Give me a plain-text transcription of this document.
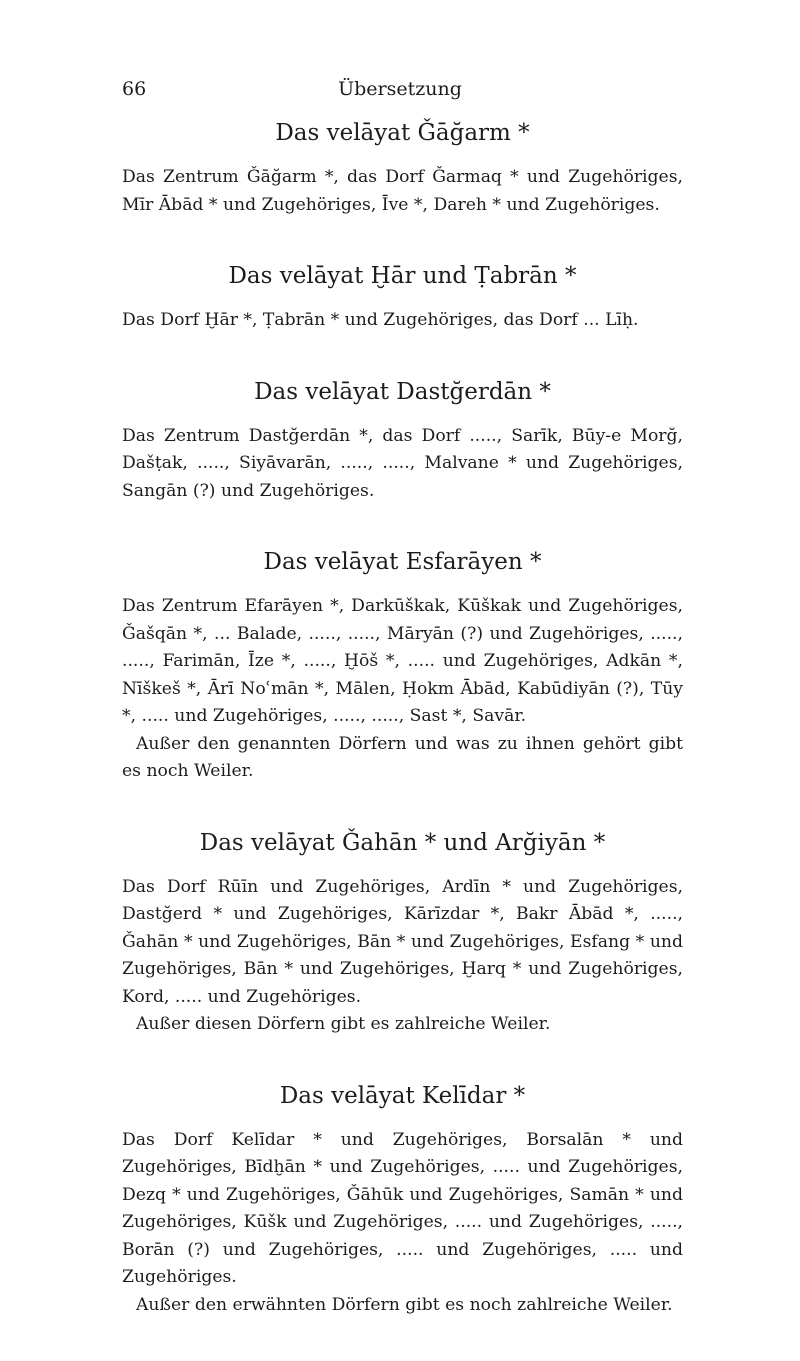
66	Übersetzung
Das velāyat Ǧāğarm *

Das Zentrum Ǧāğarm *, das Dorf Ǧarmaq * und Zugehöriges, Mīr Ābād * und Zugehöriges, Īve *, Dareh * und Zugehöriges.

Das velāyat Ḫār und Ṭabrān *

Das Dorf Ḫār *, Ṭabrān * und Zugehöriges, das Dorf ... Līḥ.

Das velāyat Dastğerdān *

Das Zentrum Dastğerdān *, das Dorf ....., Sarīk, Būy-e Morğ, Dašṭak, ....., Siyāvarān, ....., ....., Malvane * und Zugehöriges, Sangān (?) und Zugehöriges.

Das velāyat Esfarāyen *

Das Zentrum Efarāyen *, Darkūškak, Kūškak und Zugehöriges, Ǧašqān *, ... Balade, ....., ....., Māryān (?) und Zugehöriges, ....., ....., Farimān, Īze *, ....., Ḫōš *, ..... und Zugehöriges, Adkān *, Nīškeš *, Ārī Noʿmān *, Mālen, Ḥokm Ābād, Kabūdiyān (?), Tūy *, ..... und Zugehöriges, ....., ....., Sast *, Savār.

Außer den genannten Dörfern und was zu ihnen gehört gibt es noch Weiler.

Das velāyat Ǧahān * und Arğiyān *

Das Dorf Rūīn und Zugehöriges, Ardīn * und Zugehöriges, Dastğerd * und Zugehöriges, Kārīzdar *, Bakr Ābād *, ....., Ǧahān * und Zugehöriges, Bān * und Zugehöriges, Esfang * und Zugehöriges, Bān * und Zugehöriges, Ḫarq * und Zugehöriges, Kord, ..... und Zugehöriges.

Außer diesen Dörfern gibt es zahlreiche Weiler.

Das velāyat Kelīdar *

Das Dorf Kelīdar * und Zugehöriges, Borsalān * und Zugehöriges, Bīdḫān * und Zugehöriges, ..... und Zugehöriges, Dezq * und Zugehöriges, Ǧāhūk und Zugehöriges, Samān * und Zugehöriges, Kūšk und Zugehöriges, ..... und Zugehöriges, ....., Borān (?) und Zugehöriges, ..... und Zugehöriges, ..... und Zugehöriges.

Außer den erwähnten Dörfern gibt es noch zahlreiche Weiler.
